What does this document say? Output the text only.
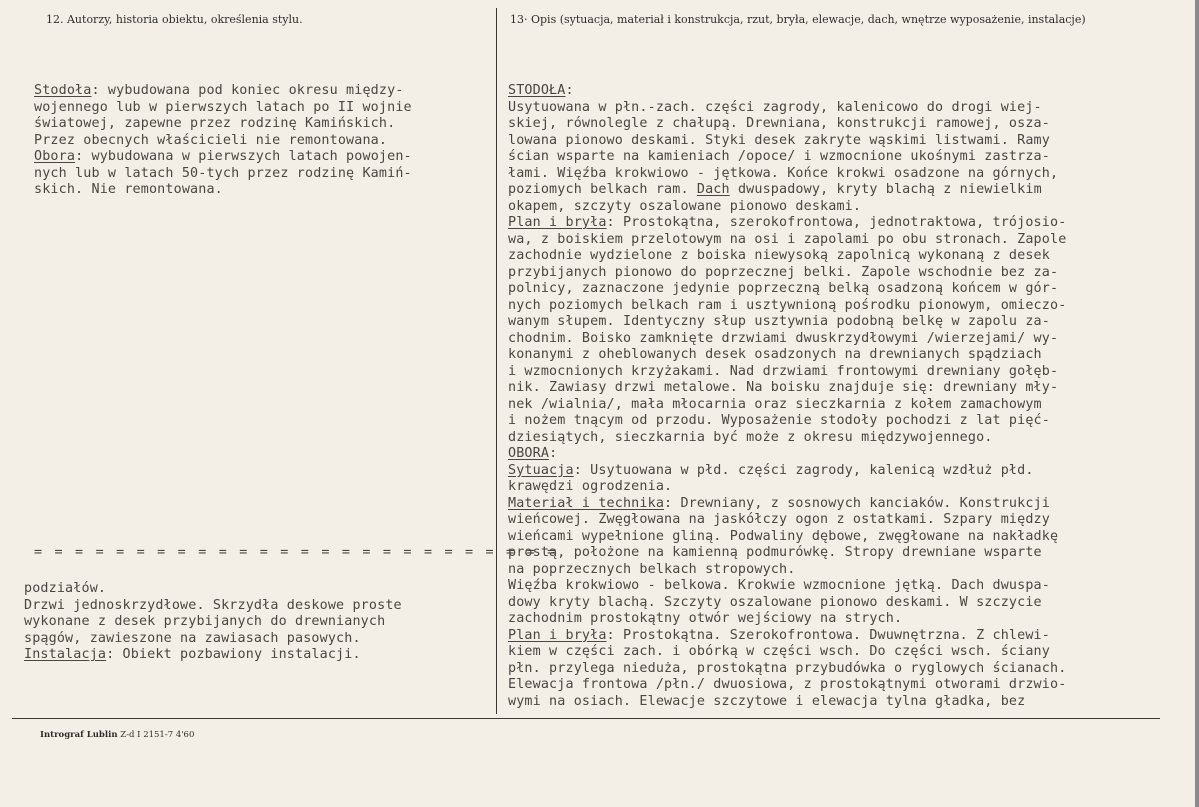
12. Autorzy, historia obiektu, określenia stylu.	13· Opis (sytuacja, materiał i konstrukcja, rzut, bryła, elewacje, dach, wnętrze wyposażenie, instalacje)
Stodoła: wybudowana pod koniec okresu między-
wojennego lub w pierwszych latach po II wojnie
światowej, zapewne przez rodzinę Kamińskich.
Przez obecnych właścicieli nie remontowana.
Obora: wybudowana w pierwszych latach powojen-
nych lub w latach 50-tych przez rodzinę Kamiń-
skich. Nie remontowana.
= = = = = = = = = = = = = = = = = = = = = = = = = =
podziałów.
Drzwi jednoskrzydłowe. Skrzydła deskowe proste
wykonane z desek przybijanych do drewnianych
spągów, zawieszone na zawiasach pasowych.
Instalacja: Obiekt pozbawiony instalacji.
STODOŁA:
Usytuowana w płn.-zach. części zagrody, kalenicowo do drogi wiej-
skiej, równolegle z chałupą. Drewniana, konstrukcji ramowej, osza-
lowana pionowo deskami. Styki desek zakryte wąskimi listwami. Ramy
ścian wsparte na kamieniach /opoce/ i wzmocnione ukośnymi zastrza-
łami. Więźba krokwiowo - jętkowa. Końce krokwi osadzone na górnych,
poziomych belkach ram. Dach dwuspadowy, kryty blachą z niewielkim
okapem, szczyty oszalowane pionowo deskami.
Plan i bryła: Prostokątna, szerokofrontowa, jednotraktowa, trójosio-
wa, z boiskiem przelotowym na osi i zapolami po obu stronach. Zapole
zachodnie wydzielone z boiska niewysoką zapolnicą wykonaną z desek
przybijanych pionowo do poprzecznej belki. Zapole wschodnie bez za-
polnicy, zaznaczone jedynie poprzeczną belką osadzoną końcem w gór-
nych poziomych belkach ram i usztywnioną pośrodku pionowym, omieczo-
wanym słupem. Identyczny słup usztywnia podobną belkę w zapolu za-
chodnim. Boisko zamknięte drzwiami dwuskrzydłowymi /wierzejami/ wy-
konanymi z oheblowanych desek osadzonych na drewnianych spądziach
i wzmocnionych krzyżakami. Nad drzwiami frontowymi drewniany gołęb-
nik. Zawiasy drzwi metalowe. Na boisku znajduje się: drewniany mły-
nek /wialnia/, mała młocarnia oraz sieczkarnia z kołem zamachowym
i nożem tnącym od przodu. Wyposażenie stodoły pochodzi z lat pięć-
dziesiątych, sieczkarnia być może z okresu międzywojennego.
OBORA:
Sytuacja: Usytuowana w płd. części zagrody, kalenicą wzdłuż płd.
krawędzi ogrodzenia.
Materiał i technika: Drewniany, z sosnowych kanciaków. Konstrukcji
wieńcowej. Zwęgłowana na jaskółczy ogon z ostatkami. Szpary między
wieńcami wypełnione gliną. Podwaliny dębowe, zwęgłowane na nakładkę
prostą, położone na kamienną podmurówkę. Stropy drewniane wsparte
na poprzecznych belkach stropowych.
Więźba krokwiowo - belkowa. Krokwie wzmocnione jętką. Dach dwuspa-
dowy kryty blachą. Szczyty oszalowane pionowo deskami. W szczycie
zachodnim prostokątny otwór wejściowy na strych.
Plan i bryła: Prostokątna. Szerokofrontowa. Dwuwnętrzna. Z chlewi-
kiem w części zach. i obórką w części wsch. Do części wsch. ściany
płn. przylega nieduża, prostokątna przybudówka o ryglowych ścianach.
Elewacja frontowa /płn./ dwuosiowa, z prostokątnymi otworami drzwio-
wymi na osiach. Elewacje szczytowe i elewacja tylna gładka, bez
Intrograf Lublin Z-d I 2151-7 4'60
